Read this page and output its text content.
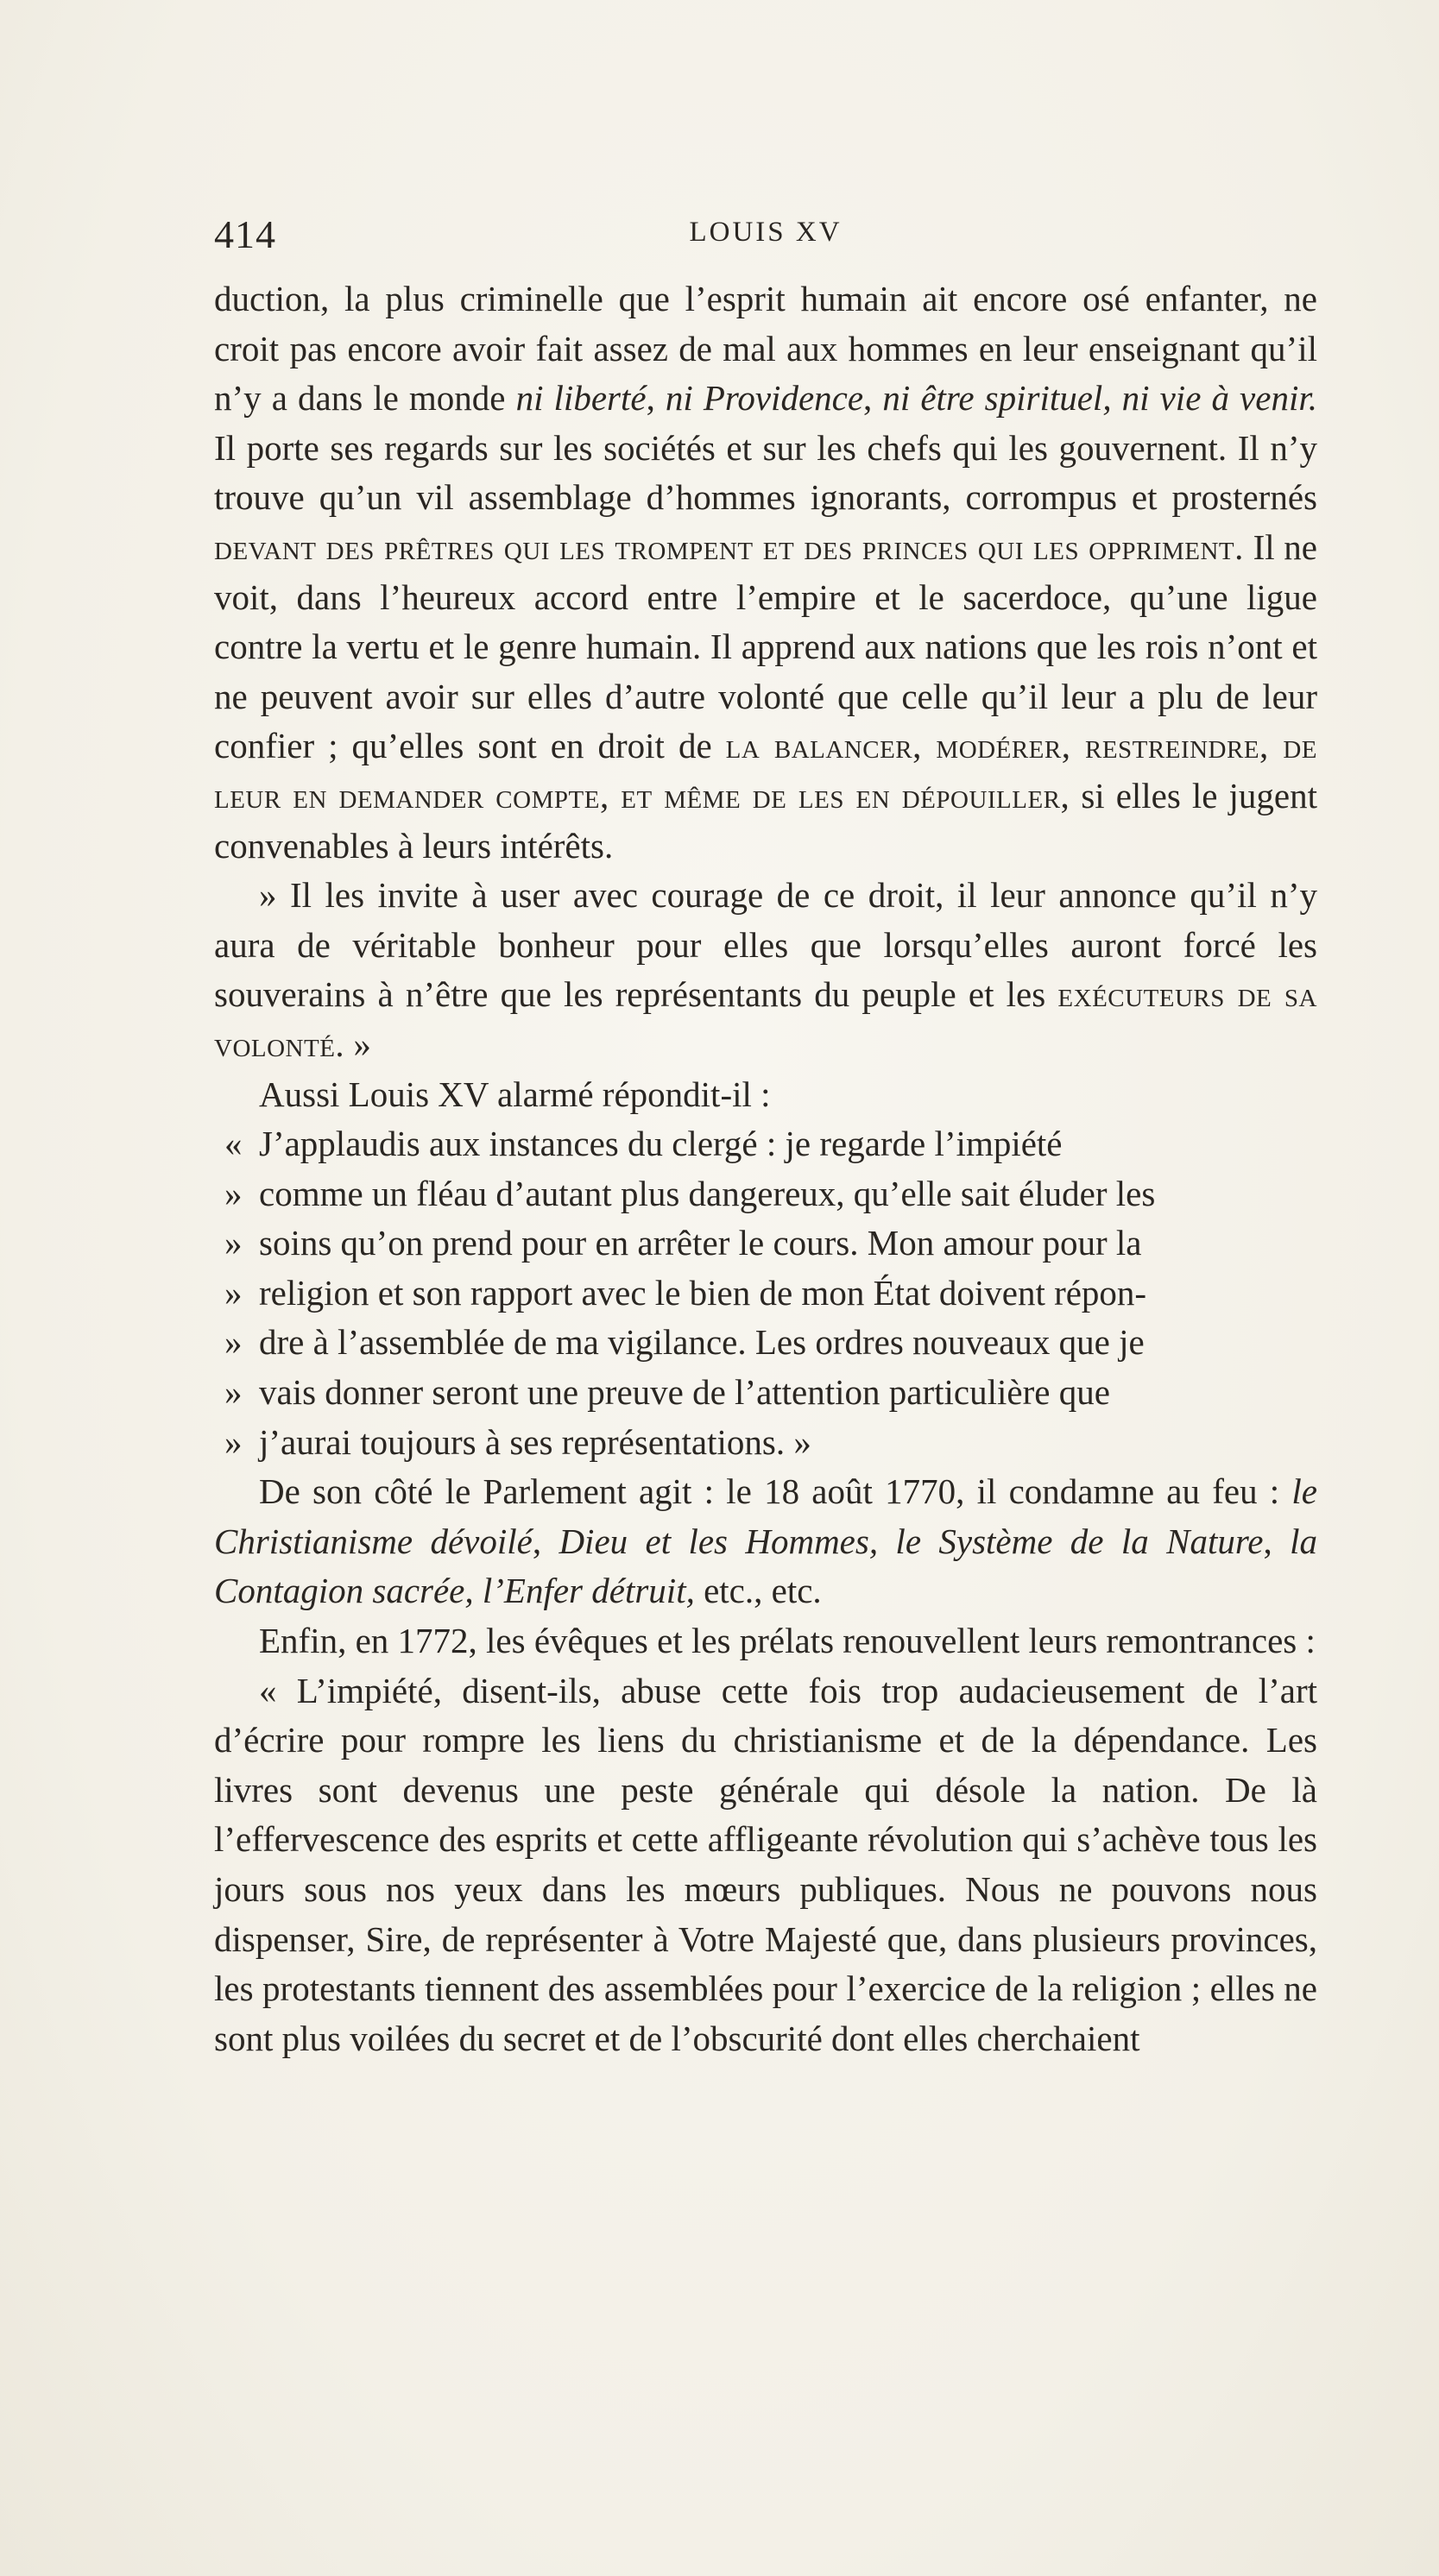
414	LOUIS XV

duction, la plus criminelle que l’esprit humain ait encore osé enfanter, ne croit pas encore avoir fait assez de mal aux hommes en leur enseignant qu’il n’y a dans le monde ni liberté, ni Providence, ni être spirituel, ni vie à venir. Il porte ses regards sur les sociétés et sur les chefs qui les gouvernent. Il n’y trouve qu’un vil assemblage d’hommes ignorants, corrompus et prosternés devant des prêtres qui les trompent et des princes qui les oppriment. Il ne voit, dans l’heureux accord entre l’empire et le sacerdoce, qu’une ligue contre la vertu et le genre humain. Il apprend aux nations que les rois n’ont et ne peuvent avoir sur elles d’autre volonté que celle qu’il leur a plu de leur confier ; qu’elles sont en droit de la balancer, modérer, restreindre, de leur en demander compte, et même de les en dépouiller, si elles le jugent convenables à leurs intérêts.

» Il les invite à user avec courage de ce droit, il leur annonce qu’il n’y aura de véritable bonheur pour elles que lorsqu’elles auront forcé les souverains à n’être que les représentants du peuple et les exécuteurs de sa volonté. »

Aussi Louis XV alarmé répondit-il :

« J’applaudis aux instances du clergé : je regarde l’impiété

» comme un fléau d’autant plus dangereux, qu’elle sait éluder les

» soins qu’on prend pour en arrêter le cours. Mon amour pour la

» religion et son rapport avec le bien de mon État doivent répon-

» dre à l’assemblée de ma vigilance. Les ordres nouveaux que je

» vais donner seront une preuve de l’attention particulière que

» j’aurai toujours à ses représentations. »

De son côté le Parlement agit : le 18 août 1770, il condamne au feu : le Christianisme dévoilé, Dieu et les Hommes, le Système de la Nature, la Contagion sacrée, l’Enfer détruit, etc., etc.

Enfin, en 1772, les évêques et les prélats renouvellent leurs remontrances :

« L’impiété, disent-ils, abuse cette fois trop audacieusement de l’art d’écrire pour rompre les liens du christianisme et de la dépendance. Les livres sont devenus une peste générale qui désole la nation. De là l’effervescence des esprits et cette affligeante révolution qui s’achève tous les jours sous nos yeux dans les mœurs publiques. Nous ne pouvons nous dispenser, Sire, de représenter à Votre Majesté que, dans plusieurs provinces, les protestants tiennent des assemblées pour l’exercice de la religion ; elles ne sont plus voilées du secret et de l’obscurité dont elles cherchaient
